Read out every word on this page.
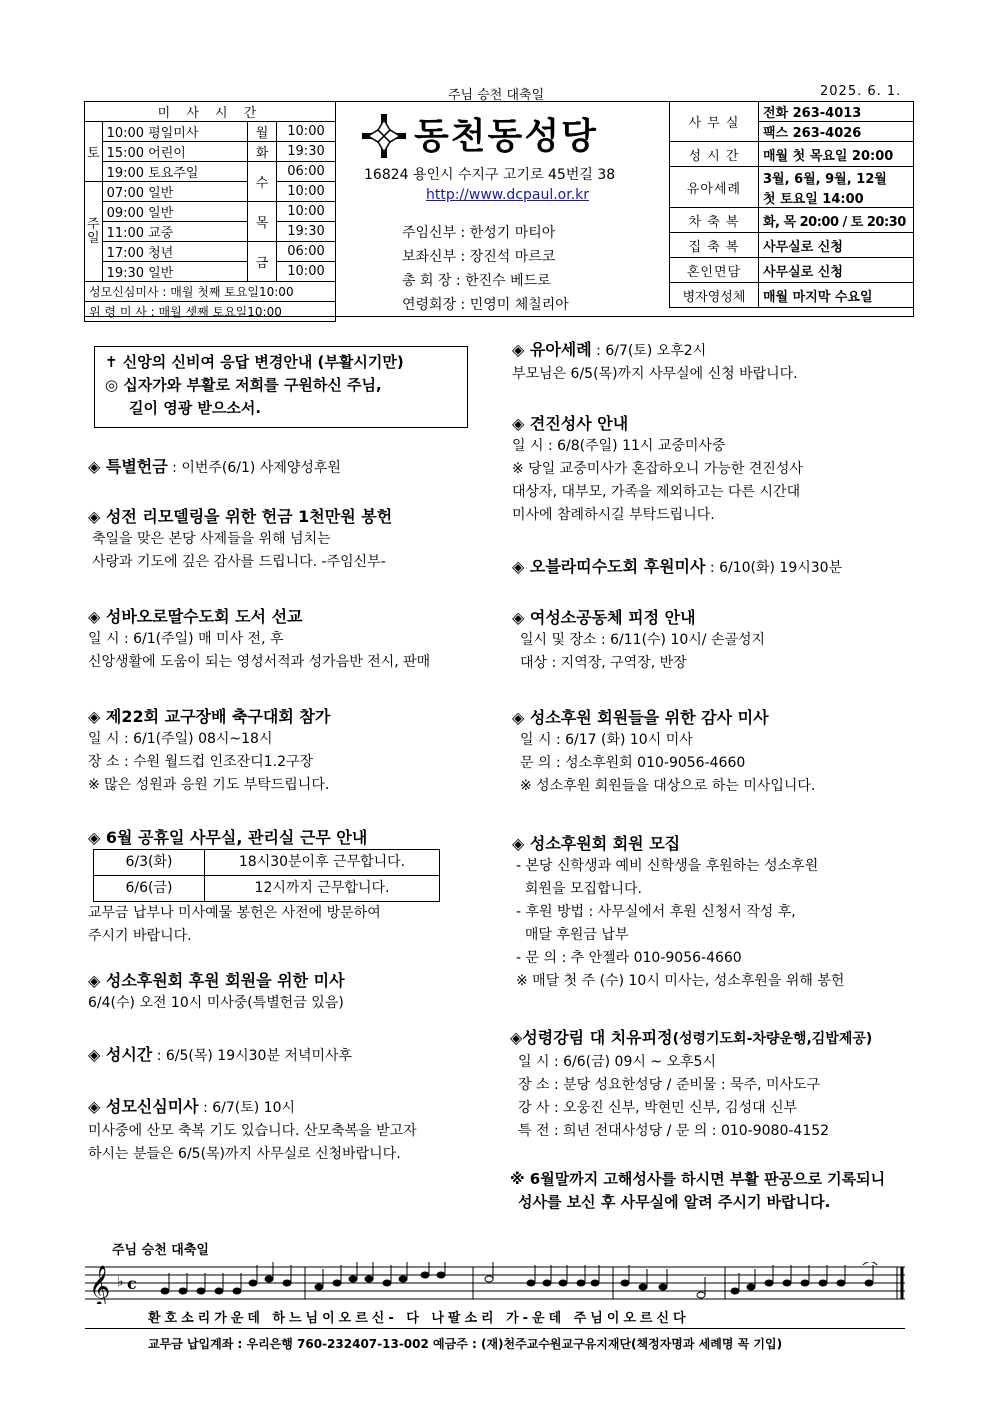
주님 승천 대축일	2025. 6. 1.
미 사 시 간			
토	10:00 평일미사	월	10:00
	15:00 어린이	화	19:30
	19:00 토요주일	수	06:00
주일	07:00 일반		10:00
	09:00 일반	목	10:00
	11:00 교중		19:30
	17:00 청년	금	06:00
	19:30 일반		10:00
성모신심미사 : 매월 첫째 토요일10:00			
위 령 미 사 : 매월 셋째 토요일10:00			
동천동성당
16824 용인시 수지구 고기로 45번길 38
http://www.dcpaul.or.kr
주임신부 : 한성기 마티아
보좌신부 : 장진석 마르코
총 회 장 : 한진수 베드로
연령회장 : 민영미 체칠리아
사 무 실	전화 263-4013
	팩스 263-4026
성 시 간	매월 첫 목요일 20:00
유아세례	3월, 6월, 9월, 12월
	첫 토요일 14:00
차 축 복	화, 목 20:00 / 토 20:30
집 축 복	사무실로 신청
혼인면담	사무실로 신청
병자영성체	매월 마지막 수요일
✝ 신앙의 신비여 응답 변경안내 (부활시기만)
◎ 십자가와 부활로 저희를 구원하신 주님,
길이 영광 받으소서.
◈ 특별헌금 : 이번주(6/1) 사제양성후원
◈ 성전 리모델링을 위한 헌금 1천만원 봉헌
축일을 맞은 본당 사제들을 위해 넘치는
사랑과 기도에 깊은 감사를 드립니다. -주임신부-
◈ 성바오로딸수도회 도서 선교
일 시 : 6/1(주일) 매 미사 전, 후
신앙생활에 도움이 되는 영성서적과 성가음반 전시, 판매
◈ 제22회 교구장배 축구대회 참가
일 시 : 6/1(주일) 08시~18시
장 소 : 수원 월드컵 인조잔디1.2구장
※ 많은 성원과 응원 기도 부탁드립니다.
◈ 6월 공휴일 사무실, 관리실 근무 안내
6/3(화)	18시30분이후 근무합니다.
6/6(금)	12시까지 근무합니다.
교무금 납부나 미사예물 봉헌은 사전에 방문하여
주시기 바랍니다.
◈ 성소후원회 후원 회원을 위한 미사
6/4(수) 오전 10시 미사중(특별헌금 있음)
◈ 성시간 : 6/5(목) 19시30분 저녁미사후
◈ 성모신심미사 : 6/7(토) 10시
미사중에 산모 축복 기도 있습니다. 산모축복을 받고자
하시는 분들은 6/5(목)까지 사무실로 신청바랍니다.
◈ 유아세례 : 6/7(토) 오후2시
부모님은 6/5(목)까지 사무실에 신청 바랍니다.
◈ 견진성사 안내
일 시 : 6/8(주일) 11시 교중미사중
※ 당일 교중미사가 혼잡하오니 가능한 견진성사
대상자, 대부모, 가족을 제외하고는 다른 시간대
미사에 참례하시길 부탁드립니다.
◈ 오블라띠수도회 후원미사 : 6/10(화) 19시30분
◈ 여성소공동체 피정 안내
일시 및 장소 : 6/11(수) 10시/ 손골성지
대상 : 지역장, 구역장, 반장
◈ 성소후원 회원들을 위한 감사 미사
일 시 : 6/17 (화) 10시 미사
문 의 : 성소후원회 010-9056-4660
※ 성소후원 회원들을 대상으로 하는 미사입니다.
◈ 성소후원회 회원 모집
- 본당 신학생과 예비 신학생을 후원하는 성소후원
회원을 모집합니다.
- 후원 방법 : 사무실에서 후원 신청서 작성 후,
매달 후원금 납부
- 문 의 : 추 안젤라 010-9056-4660
※ 매달 첫 주 (수) 10시 미사는, 성소후원을 위해 봉헌
◈성령강림 대 치유피정(성령기도회-차량운행,김밥제공)
일 시 : 6/6(금) 09시 ~ 오후5시
장 소 : 분당 성요한성당 / 준비물 : 묵주, 미사도구
강 사 : 오웅진 신부, 박현민 신부, 김성대 신부
특 전 : 희년 전대사성당 / 문 의 : 010-9080-4152
※ 6월말까지 고해성사를 하시면 부활 판공으로 기록되니
성사를 보신 후 사무실에 알려 주시기 바랍니다.
주님 승천 대축일
𝄞 ♭ c
환호소리가운데 하느님이오르신- 다 나팔소리 가-운데 주님이오르신다
교무금 납입계좌 : 우리은행 760-232407-13-002 예금주 : (재)천주교수원교구유지재단(책정자명과 세례명 꼭 기입)
